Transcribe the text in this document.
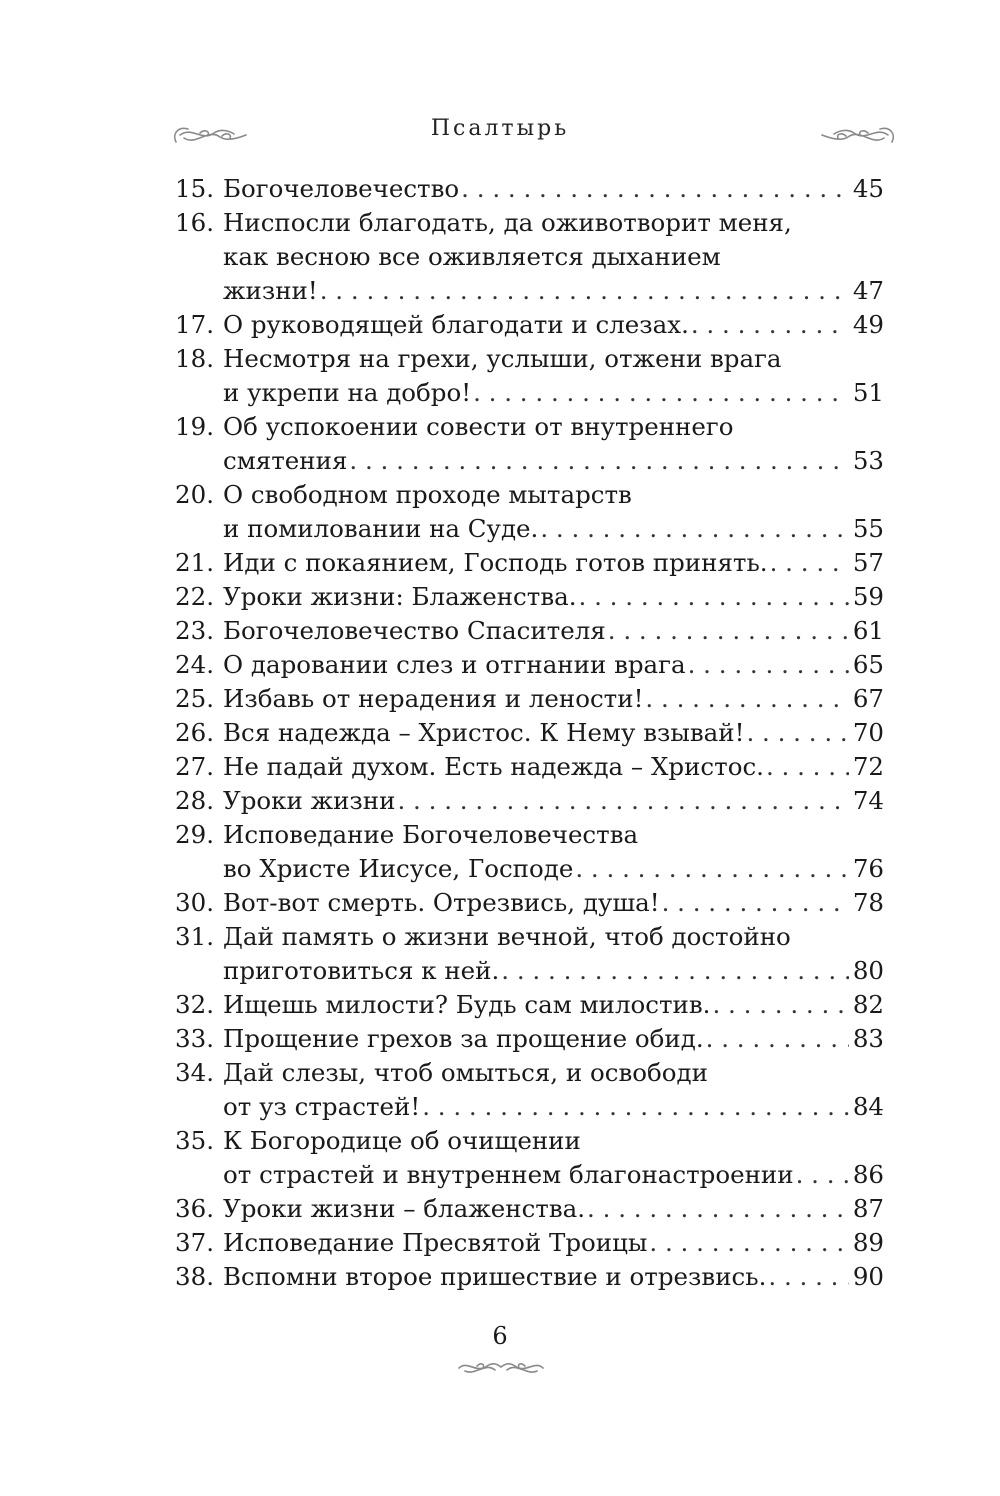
Псалтырь
15. Богочеловечество . . .	45
16. Ниспосли благодать, да оживотворит меня,
как весною все оживляется дыханием
жизни! . . .	47
17. О руководящей благодати и слезах. . . .	49
18. Несмотря на грехи, услыши, отжени врага
и укрепи на добро! . . .	51
19. Об успокоении совести от внутреннего
смятения . . .	53
20. О свободном проходе мытарств
и помиловании на Суде. . . .	55
21. Иди с покаянием, Господь готов принять. . . .	57
22. Уроки жизни: Блаженства. . . .	59
23. Богочеловечество Спасителя . . .	61
24. О даровании слез и отгнании врага . . .	65
25. Избавь от нерадения и лености! . . .	67
26. Вся надежда – Христос. К Нему взывай! . . .	70
27. Не падай духом. Есть надежда – Христос. . . .	72
28. Уроки жизни . . .	74
29. Исповедание Богочеловечества
во Христе Иисусе, Господе . . .	76
30. Вот-вот смерть. Отрезвись, душа! . . .	78
31. Дай память о жизни вечной, чтоб достойно
приготовиться к ней. . . .	80
32. Ищешь милости? Будь сам милостив. . . .	82
33. Прощение грехов за прощение обид. . . .	83
34. Дай слезы, чтоб омыться, и освободи
от уз страстей! . . .	84
35. К Богородице об очищении
от страстей и внутреннем благонастроении . . . 86
36. Уроки жизни – блаженства. . . .	87
37. Исповедание Пресвятой Троицы . . .	89
38. Вспомни второе пришествие и отрезвись. . . .	90
6
